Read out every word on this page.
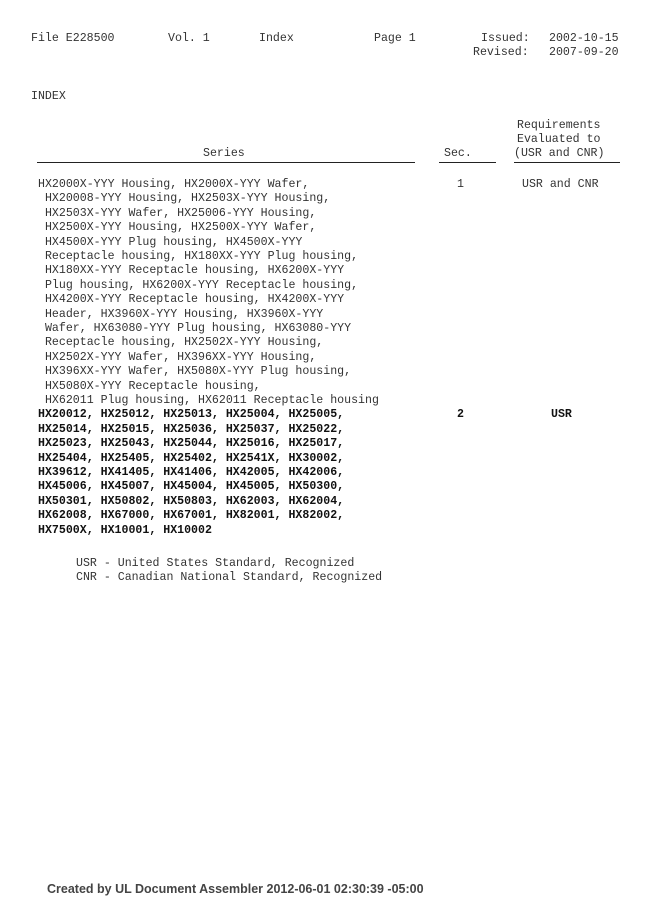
File E228500	Vol. 1	Index	Page 1	Issued: 2002-10-15
Revised: 2007-09-20
INDEX
Requirements
Evaluated to
(USR and CNR)
Series	Sec.
HX2000X-YYY Housing, HX2000X-YYY Wafer,
HX20008-YYY Housing, HX2503X-YYY Housing,
HX2503X-YYY Wafer, HX25006-YYY Housing,
HX2500X-YYY Housing, HX2500X-YYY Wafer,
HX4500X-YYY Plug housing, HX4500X-YYY
Receptacle housing, HX180XX-YYY Plug housing,
HX180XX-YYY Receptacle housing, HX6200X-YYY
Plug housing, HX6200X-YYY Receptacle housing,
HX4200X-YYY Receptacle housing, HX4200X-YYY
Header, HX3960X-YYY Housing, HX3960X-YYY
Wafer, HX63080-YYY Plug housing, HX63080-YYY
Receptacle housing, HX2502X-YYY Housing,
HX2502X-YYY Wafer, HX396XX-YYY Housing,
HX396XX-YYY Wafer, HX5080X-YYY Plug housing,
HX5080X-YYY Receptacle housing,
HX62011 Plug housing, HX62011 Receptacle housing
1	USR and CNR
HX20012, HX25012, HX25013, HX25004, HX25005,
HX25014, HX25015, HX25036, HX25037, HX25022,
HX25023, HX25043, HX25044, HX25016, HX25017,
HX25404, HX25405, HX25402, HX2541X, HX30002,
HX39612, HX41405, HX41406, HX42005, HX42006,
HX45006, HX45007, HX45004, HX45005, HX50300,
HX50301, HX50802, HX50803, HX62003, HX62004,
HX62008, HX67000, HX67001, HX82001, HX82002,
HX7500X, HX10001, HX10002
2	USR
USR - United States Standard, Recognized
CNR - Canadian National Standard, Recognized
Created by UL Document Assembler 2012-06-01 02:30:39 -05:00
